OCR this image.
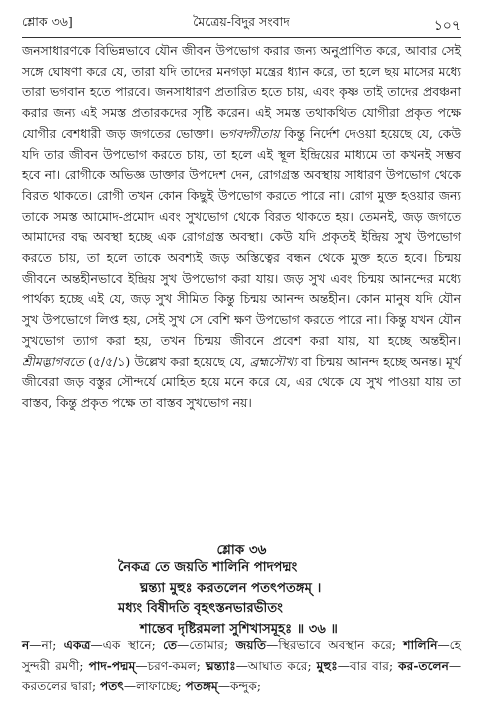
শ্লোক ৩৬]	মৈত্রেয়-বিদুর সংবাদ	১০৭

জনসাধারণকে বিভিন্নভাবে যৌন জীবন উপভোগ করার জন্য অনুপ্রাণিত করে, আবার সেই সঙ্গে ঘোষণা করে যে, তারা যদি তাদের মনগড়া মন্ত্রের ধ্যান করে, তা হলে ছয় মাসের মধ্যে তারা ভগবান হতে পারবে। জনসাধারণ প্রতারিত হতে চায়, এবং কৃষ্ণ তাই তাদের প্রবঞ্চনা করার জন্য এই সমস্ত প্রতারকদের সৃষ্টি করেন। এই সমস্ত তথাকথিত যোগীরা প্রকৃত পক্ষে যোগীর বেশধারী জড় জগতের ভোক্তা। ভগবদ্গীতায় কিন্তু নির্দেশ দেওয়া হয়েছে যে, কেউ যদি তার জীবন উপভোগ করতে চায়, তা হলে এই স্থূল ইন্দ্রিয়ের মাধ্যমে তা কখনই সম্ভব হবে না। রোগীকে অভিজ্ঞ ডাক্তার উপদেশ দেন, রোগগ্রস্ত অবস্থায় সাধারণ উপভোগ থেকে বিরত থাকতে। রোগী তখন কোন কিছুই উপভোগ করতে পারে না। রোগ মুক্ত হওয়ার জন্য তাকে সমস্ত আমোদ-প্রমোদ এবং সুখভোগ থেকে বিরত থাকতে হয়। তেমনই, জড় জগতে আমাদের বদ্ধ অবস্থা হচ্ছে এক রোগগ্রস্ত অবস্থা। কেউ যদি প্রকৃতই ইন্দ্রিয় সুখ উপভোগ করতে চায়, তা হলে তাকে অবশ্যই জড় অস্তিত্বের বন্ধন থেকে মুক্ত হতে হবে। চিন্ময় জীবনে অন্তহীনভাবে ইন্দ্রিয় সুখ উপভোগ করা যায়। জড় সুখ এবং চিন্ময় আনন্দের মধ্যে পার্থক্য হচ্ছে এই যে, জড় সুখ সীমিত কিন্তু চিন্ময় আনন্দ অন্তহীন। কোন মানুষ যদি যৌন সুখ উপভোগে লিপ্ত হয়, সেই সুখ সে বেশি ক্ষণ উপভোগ করতে পারে না। কিন্তু যখন যৌন সুখভোগ ত্যাগ করা হয়, তখন চিন্ময় জীবনে প্রবেশ করা যায়, যা হচ্ছে অন্তহীন। শ্রীমদ্ভাগবতে (৫/৫/১) উল্লেখ করা হয়েছে যে, ব্রহ্মসৌখ্য বা চিন্ময় আনন্দ হচ্ছে অনন্ত। মূর্খ জীবেরা জড় বস্তুর সৌন্দর্যে মোহিত হয়ে মনে করে যে, এর থেকে যে সুখ পাওয়া যায় তা বাস্তব, কিন্তু প্রকৃত পক্ষে তা বাস্তব সুখভোগ নয়।

শ্লোক ৩৬
নৈকত্র তে জয়তি শালিনি পাদপদ্মং
ঘ্নন্ত্যা মুহুঃ করতলেন পতৎপতঙ্গম্ ।
মধ্যং বিষীদতি বৃহৎস্তনভারভীতং
শান্তেব দৃষ্টিরমলা সুশিখাসমূহঃ ॥ ৩৬ ॥
ন—না; একত্র—এক স্থানে; তে—তোমার; জয়তি—স্থিরভাবে অবস্থান করে; শালিনি—হে সুন্দরী রমণী; পাদ-পদ্মম্—চরণ-কমল; ঘ্নন্ত্যাঃ—আঘাত করে; মুহুঃ—বার বার; কর-তলেন—করতলের দ্বারা; পতৎ—লাফাচ্ছে; পতঙ্গম্—কন্দুক;
